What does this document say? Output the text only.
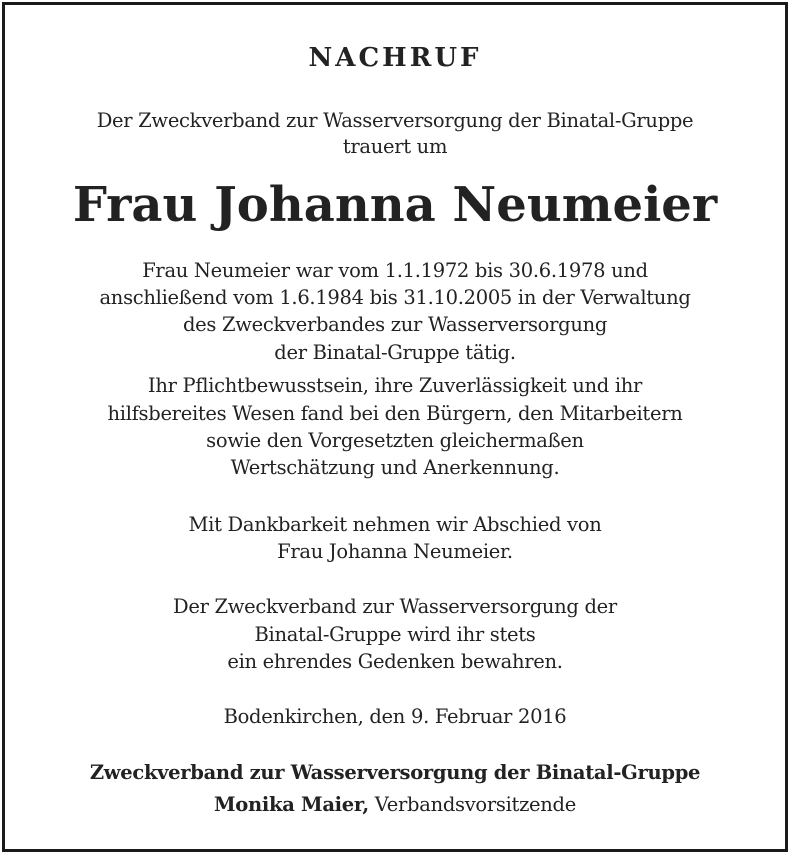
NACHRUF
Der Zweckverband zur Wasserversorgung der Binatal-Gruppe
trauert um
Frau Johanna Neumeier
Frau Neumeier war vom 1.1.1972 bis 30.6.1978 und
anschließend vom 1.6.1984 bis 31.10.2005 in der Verwaltung
des Zweckverbandes zur Wasserversorgung
der Binatal-Gruppe tätig.
Ihr Pflichtbewusstsein, ihre Zuverlässigkeit und ihr
hilfsbereites Wesen fand bei den Bürgern, den Mitarbeitern
sowie den Vorgesetzten gleichermaßen
Wertschätzung und Anerkennung.
Mit Dankbarkeit nehmen wir Abschied von
Frau Johanna Neumeier.
Der Zweckverband zur Wasserversorgung der
Binatal-Gruppe wird ihr stets
ein ehrendes Gedenken bewahren.
Bodenkirchen, den 9. Februar 2016
Zweckverband zur Wasserversorgung der Binatal-Gruppe
Monika Maier, Verbandsvorsitzende
